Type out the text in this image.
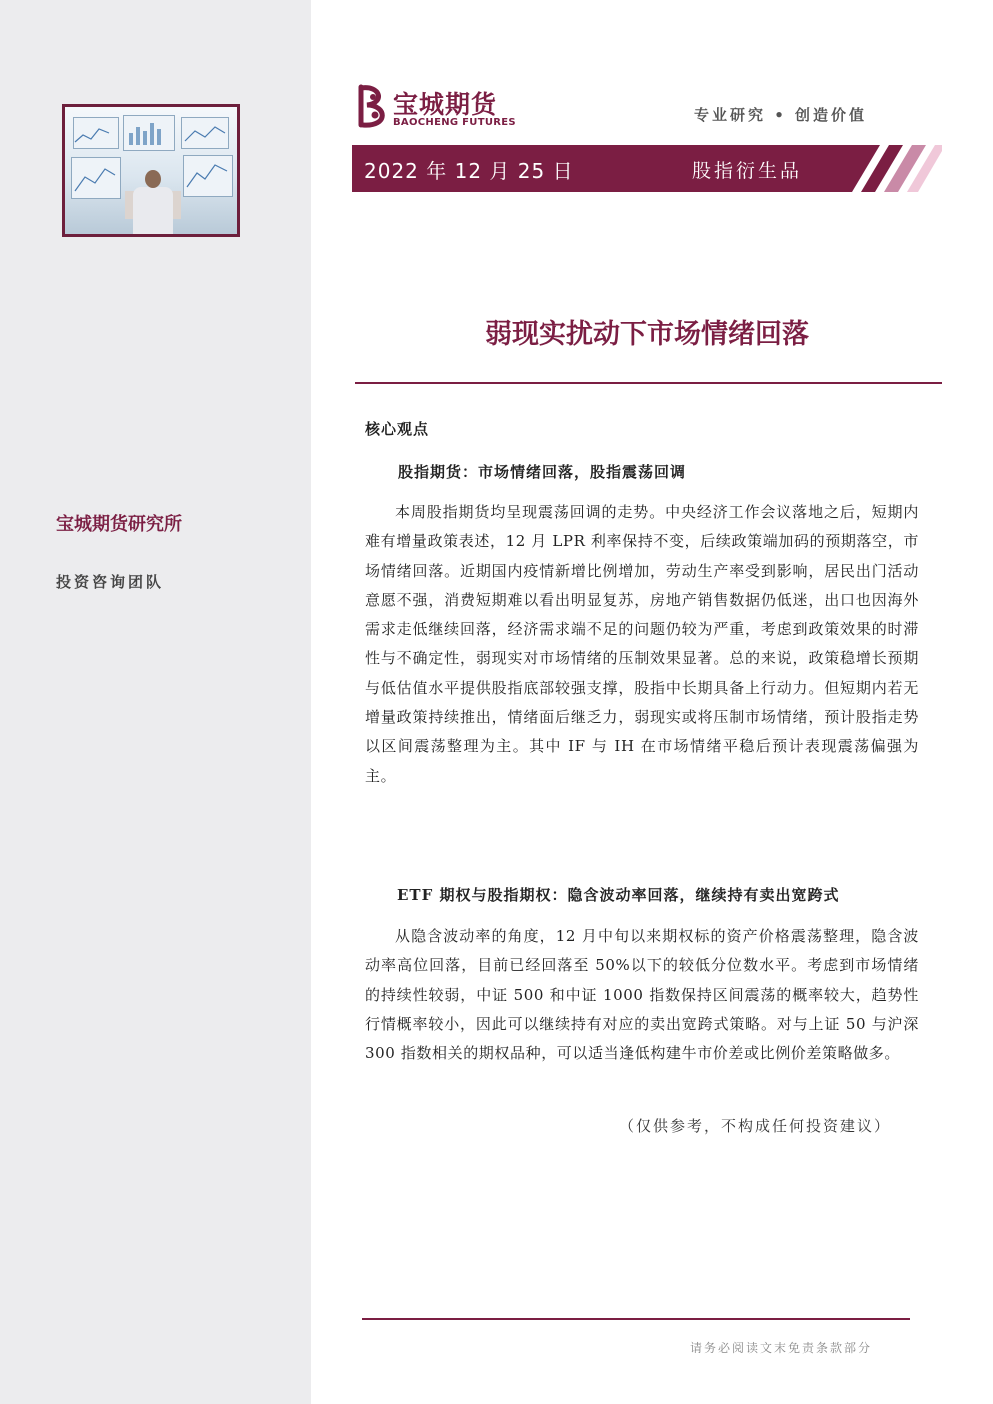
宝城期货研究所
投资咨询团队
宝城期货
BAOCHENG FUTURES	专业研究 • 创造价值
2022 年 12 月 25 日	股指衍生品
弱现实扰动下市场情绪回落
核心观点
股指期货：市场情绪回落，股指震荡回调

本周股指期货均呈现震荡回调的走势。中央经济工作会议落地之后，短期内难有增量政策表述，12 月 LPR 利率保持不变，后续政策端加码的预期落空，市场情绪回落。近期国内疫情新增比例增加，劳动生产率受到影响，居民出门活动意愿不强，消费短期难以看出明显复苏，房地产销售数据仍低迷，出口也因海外需求走低继续回落，经济需求端不足的问题仍较为严重，考虑到政策效果的时滞性与不确定性，弱现实对市场情绪的压制效果显著。总的来说，政策稳增长预期与低估值水平提供股指底部较强支撑，股指中长期具备上行动力。但短期内若无增量政策持续推出，情绪面后继乏力，弱现实或将压制市场情绪，预计股指走势以区间震荡整理为主。其中 IF 与 IH 在市场情绪平稳后预计表现震荡偏强为主。

ETF 期权与股指期权：隐含波动率回落，继续持有卖出宽跨式

从隐含波动率的角度，12 月中旬以来期权标的资产价格震荡整理，隐含波动率高位回落，目前已经回落至 50%以下的较低分位数水平。考虑到市场情绪的持续性较弱，中证 500 和中证 1000 指数保持区间震荡的概率较大，趋势性行情概率较小，因此可以继续持有对应的卖出宽跨式策略。对与上证 50 与沪深 300 指数相关的期权品种，可以适当逢低构建牛市价差或比例价差策略做多。

（仅供参考，不构成任何投资建议）
请务必阅读文末免责条款部分
